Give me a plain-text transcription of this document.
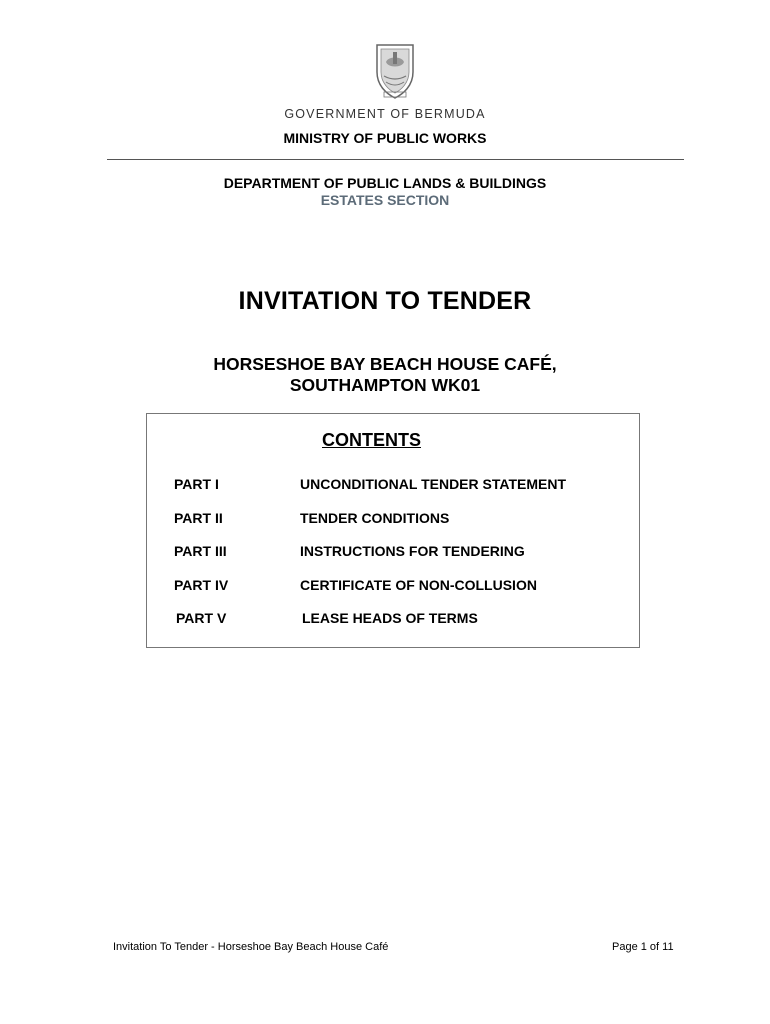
GOVERNMENT OF BERMUDA
MINISTRY OF PUBLIC WORKS
DEPARTMENT OF PUBLIC LANDS & BUILDINGS
ESTATES SECTION
INVITATION TO TENDER
HORSESHOE BAY BEACH HOUSE CAFÉ,
SOUTHAMPTON WK01
CONTENTS
PART I	UNCONDITIONAL TENDER STATEMENT
PART II	TENDER CONDITIONS
PART III	INSTRUCTIONS FOR TENDERING
PART IV	CERTIFICATE OF NON-COLLUSION
PART V	LEASE HEADS OF TERMS
Invitation To Tender - Horseshoe Bay Beach House Café	Page 1 of 11
